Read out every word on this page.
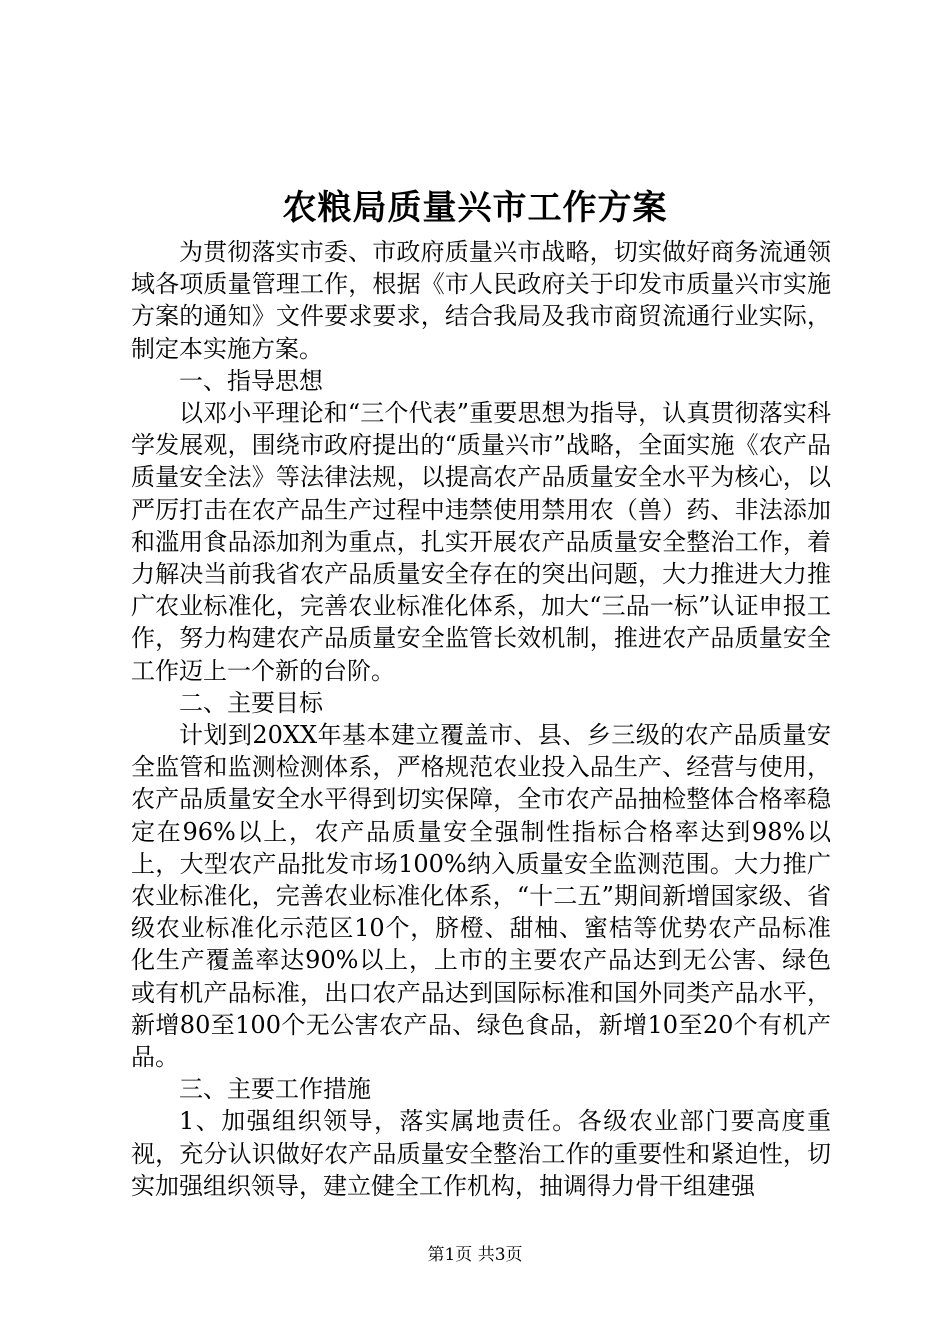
农粮局质量兴市工作方案

为贯彻落实市委、市政府质量兴市战略，切实做好商务流通领域各项质量管理工作，根据《市人民政府关于印发市质量兴市实施方案的通知》文件要求要求，结合我局及我市商贸流通行业实际，制定本实施方案。

一、指导思想

以邓小平理论和“三个代表”重要思想为指导，认真贯彻落实科学发展观，围绕市政府提出的“质量兴市”战略，全面实施《农产品质量安全法》等法律法规，以提高农产品质量安全水平为核心，以严厉打击在农产品生产过程中违禁使用禁用农（兽）药、非法添加和滥用食品添加剂为重点，扎实开展农产品质量安全整治工作，着力解决当前我省农产品质量安全存在的突出问题，大力推进大力推广农业标准化，完善农业标准化体系，加大“三品一标”认证申报工作，努力构建农产品质量安全监管长效机制，推进农产品质量安全工作迈上一个新的台阶。

二、主要目标

计划到20XX年基本建立覆盖市、县、乡三级的农产品质量安全监管和监测检测体系，严格规范农业投入品生产、经营与使用，农产品质量安全水平得到切实保障，全市农产品抽检整体合格率稳定在96%以上，农产品质量安全强制性指标合格率达到98%以上，大型农产品批发市场100%纳入质量安全监测范围。大力推广农业标准化，完善农业标准化体系，“十二五”期间新增国家级、省级农业标准化示范区10个，脐橙、甜柚、蜜桔等优势农产品标准化生产覆盖率达90%以上，上市的主要农产品达到无公害、绿色或有机产品标准，出口农产品达到国际标准和国外同类产品水平，新增80至100个无公害农产品、绿色食品，新增10至20个有机产品。

三、主要工作措施

1、加强组织领导，落实属地责任。各级农业部门要高度重视，充分认识做好农产品质量安全整治工作的重要性和紧迫性，切实加强组织领导，建立健全工作机构，抽调得力骨干组建强

第1页 共3页
